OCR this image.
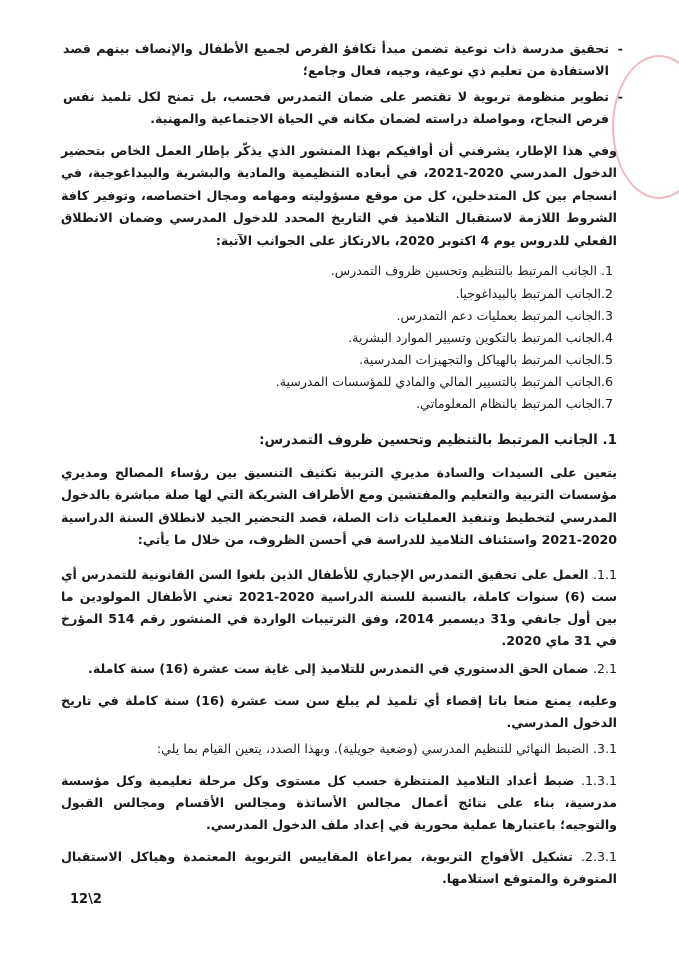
-
تحقيق مدرسة ذات نوعية تضمن مبدأ تكافؤ الفرص لجميع الأطفال والإنصاف بينهم قصد الاستفادة من تعليم ذي نوعية، وجيه، فعال وجامع؛
-
تطوير منظومة تربوية لا تقتصر على ضمان التمدرس فحسب، بل تمنح لكل تلميذ نفس فرص النجاح، ومواصلة دراسته لضمان مكانه في الحياة الاجتماعية والمهنية.
وفي هذا الإطار، يشرفني أن أوافيكم بهذا المنشور الذي يذكّر بإطار العمل الخاص بتحضير الدخول المدرسي 2020-2021، في أبعاده التنظيمية والمادية والبشرية والبيداغوجية، في انسجام بين كل المتدخلين، كل من موقع مسؤوليته ومهامه ومجال اختصاصه، وتوفير كافة الشروط اللازمة لاستقبال التلاميذ في التاريخ المحدد للدخول المدرسي وضمان الانطلاق الفعلي للدروس يوم 4 اكتوبر 2020، بالارتكاز على الجوانب الآتية:
1. الجانب المرتبط بالتنظيم وتحسين ظروف التمدرس.
2.الجانب المرتبط بالبيداغوجيا.
3.الجانب المرتبط بعمليات دعم التمدرس.
4.الجانب المرتبط بالتكوين وتسيير الموارد البشرية.
5.الجانب المرتبط بالهياكل والتجهيزات المدرسية.
6.الجانب المرتبط بالتسيير المالي والمادي للمؤسسات المدرسية.
7.الجانب المرتبط بالنظام المعلوماتي.
1. الجانب المرتبط بالتنظيم وتحسين ظروف التمدرس:
يتعين على السيدات والسادة مديري التربية تكثيف التنسيق بين رؤساء المصالح ومديري مؤسسات التربية والتعليم والمفتشين ومع الأطراف الشريكة التي لها صلة مباشرة بالدخول المدرسي لتخطيط وتنفيذ العمليات ذات الصلة، قصد التحضير الجيد لانطلاق السنة الدراسية 2020-2021 واستئناف التلاميذ للدراسة في أحسن الظروف، من خلال ما يأتي:
1.1. العمل على تحقيق التمدرس الإجباري للأطفال الذين بلغوا السن القانونية للتمدرس أي ست (6) سنوات كاملة، بالنسبة للسنة الدراسية 2020-2021 تعني الأطفال المولودين ما بين أول جانفي و31 ديسمبر 2014، وفق الترتيبات الواردة في المنشور رقم 514 المؤرخ في 31 ماي 2020.
2.1. ضمان الحق الدستوري في التمدرس للتلاميذ إلى غاية ست عشرة (16) سنة كاملة.
وعليه، يمنع منعا باتا إقصاء أي تلميذ لم يبلغ سن ست عشرة (16) سنة كاملة في تاريخ الدخول المدرسي.
3.1. الضبط النهائي للتنظيم المدرسي (وضعية جويلية). وبهذا الصدد، يتعين القيام بما يلي:
1.3.1. ضبط أعداد التلاميذ المنتظرة حسب كل مستوى وكل مرحلة تعليمية وكل مؤسسة مدرسية، بناء على نتائج أعمال مجالس الأساتذة ومجالس الأقسام ومجالس القبول والتوجيه؛ باعتبارها عملية محورية في إعداد ملف الدخول المدرسي.
2.3.1. تشكيل الأفواج التربوية، بمراعاة المقاييس التربوية المعتمدة وهياكل الاستقبال المتوفرة والمتوقع استلامها.
12\2
